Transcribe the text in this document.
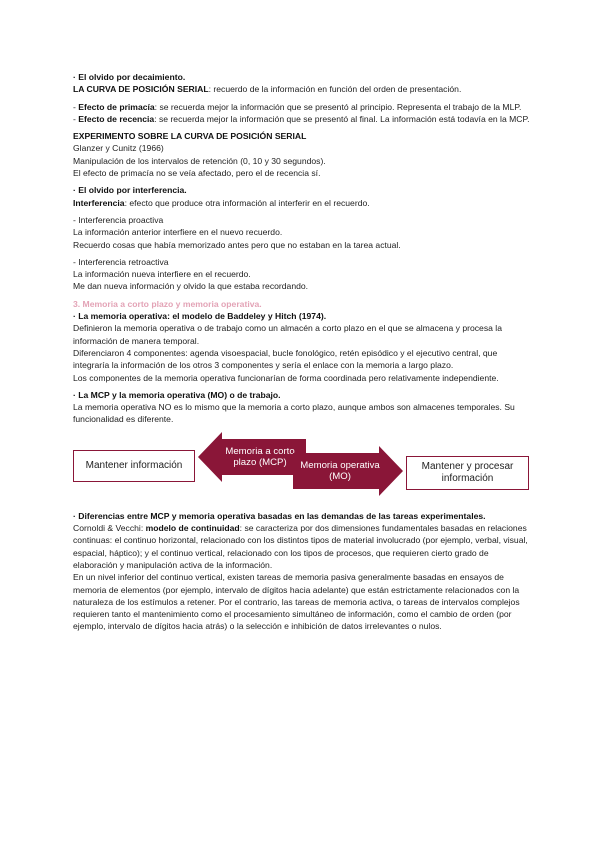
· El olvido por decaimiento.

LA CURVA DE POSICIÓN SERIAL: recuerdo de la información en función del orden de presentación.

- Efecto de primacía: se recuerda mejor la información que se presentó al principio. Representa el trabajo de la MLP.

- Efecto de recencia: se recuerda mejor la información que se presentó al final. La información está todavía en la MCP.

EXPERIMENTO SOBRE LA CURVA DE POSICIÓN SERIAL

Glanzer y Cunitz (1966)

Manipulación de los intervalos de retención (0, 10 y 30 segundos).

El efecto de primacía no se veía afectado, pero el de recencia sí.

· El olvido por interferencia.

Interferencia: efecto que produce otra información al interferir en el recuerdo.

- Interferencia proactiva

La información anterior interfiere en el nuevo recuerdo.

Recuerdo cosas que había memorizado antes pero que no estaban en la tarea actual.

- Interferencia retroactiva

La información nueva interfiere en el recuerdo.

Me dan nueva información y olvido la que estaba recordando.

3. Memoria a corto plazo y memoria operativa.

· La memoria operativa: el modelo de Baddeley y Hitch (1974).

Definieron la memoria operativa o de trabajo como un almacén a corto plazo en el que se almacena y procesa la información de manera temporal.

Diferenciaron 4 componentes: agenda visoespacial, bucle fonológico, retén episódico y el ejecutivo central, que integraría la información de los otros 3 componentes y sería el enlace con la memoria a largo plazo.

Los componentes de la memoria operativa funcionarían de forma coordinada pero relativamente independiente.

· La MCP y la memoria operativa (MO) o de trabajo.

La memoria operativa NO es lo mismo que la memoria a corto plazo, aunque ambos son almacenes temporales. Su funcionalidad es diferente.

Mantener información
Memoria a corto plazo (MCP)	Memoria operativa (MO)
Mantener y procesar información

· Diferencias entre MCP y memoria operativa basadas en las demandas de las tareas experimentales.

Cornoldi & Vecchi: modelo de continuidad: se caracteriza por dos dimensiones fundamentales basadas en relaciones continuas: el continuo horizontal, relacionado con los distintos tipos de material involucrado (por ejemplo, verbal, visual, espacial, háptico); y el continuo vertical, relacionado con los tipos de procesos, que requieren cierto grado de elaboración y manipulación activa de la información.

En un nivel inferior del continuo vertical, existen tareas de memoria pasiva generalmente basadas en ensayos de memoria de elementos (por ejemplo, intervalo de dígitos hacia adelante) que están estrictamente relacionados con la naturaleza de los estímulos a retener. Por el contrario, las tareas de memoria activa, o tareas de intervalos complejos requieren tanto el mantenimiento como el procesamiento simultáneo de información, como el cambio de orden (por ejemplo, intervalo de dígitos hacia atrás) o la selección e inhibición de datos irrelevantes o nulos.
